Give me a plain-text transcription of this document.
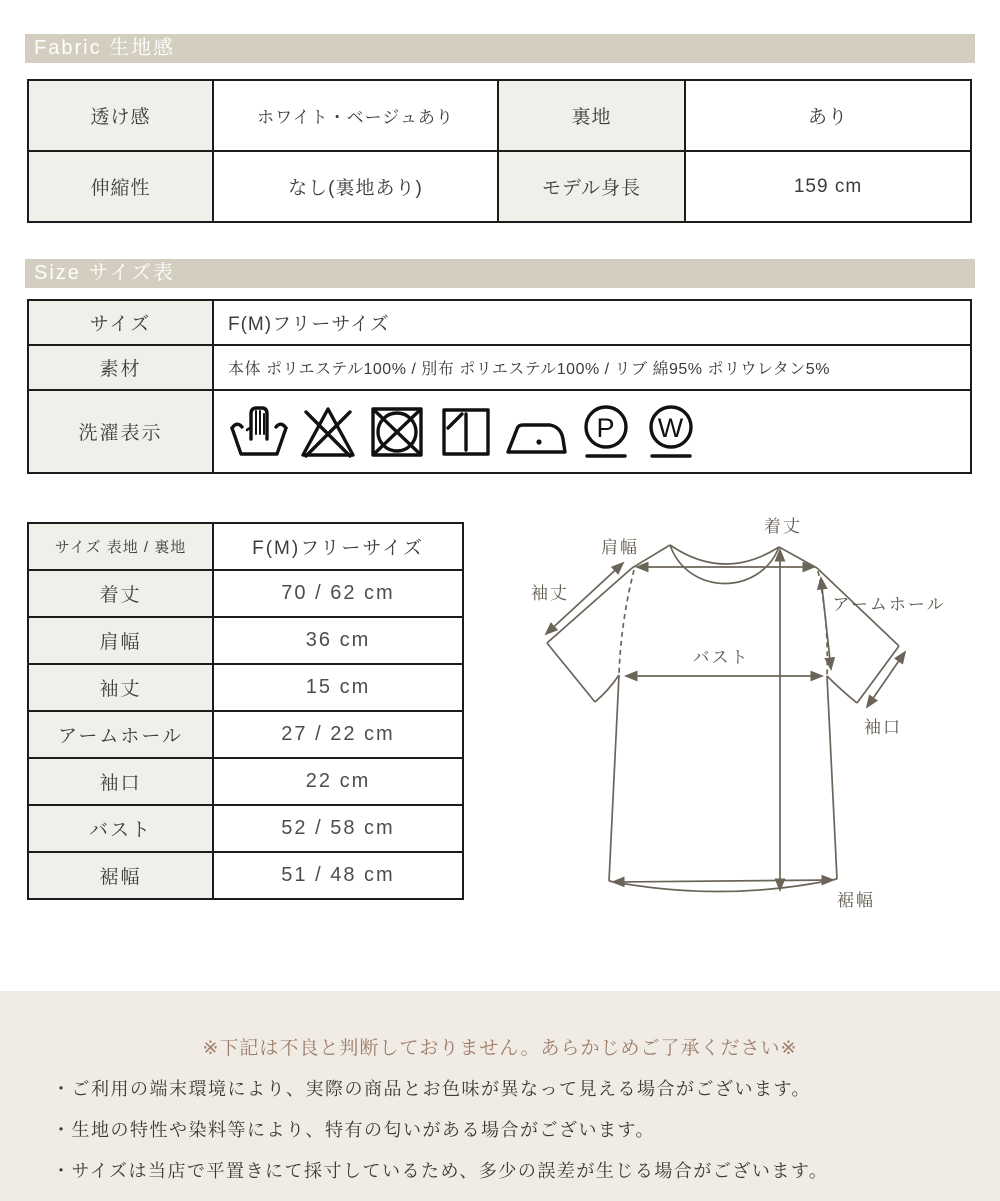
Fabric 生地感
透け感	ホワイト・ベージュあり	裏地	あり
伸縮性	なし(裏地あり)	モデル身長	159 cm
Size サイズ表
サイズ	F(M)フリーサイズ
素材	本体 ポリエステル100% / 別布 ポリエステル100% / リブ 綿95% ポリウレタン5%
洗濯表示	P W
サイズ 表地 / 裏地	F(M)フリーサイズ
着丈	70 / 62 cm
肩幅	36 cm
袖丈	15 cm
アームホール	27 / 22 cm
袖口	22 cm
バスト	52 / 58 cm
裾幅	51 / 48 cm
着丈
肩幅
袖丈
アームホール
バスト
袖口
裾幅
※下記は不良と判断しておりません。あらかじめご了承ください※
・ご利用の端末環境により、実際の商品とお色味が異なって見える場合がございます。
・生地の特性や染料等により、特有の匂いがある場合がございます。
・サイズは当店で平置きにて採寸しているため、多少の誤差が生じる場合がございます。
